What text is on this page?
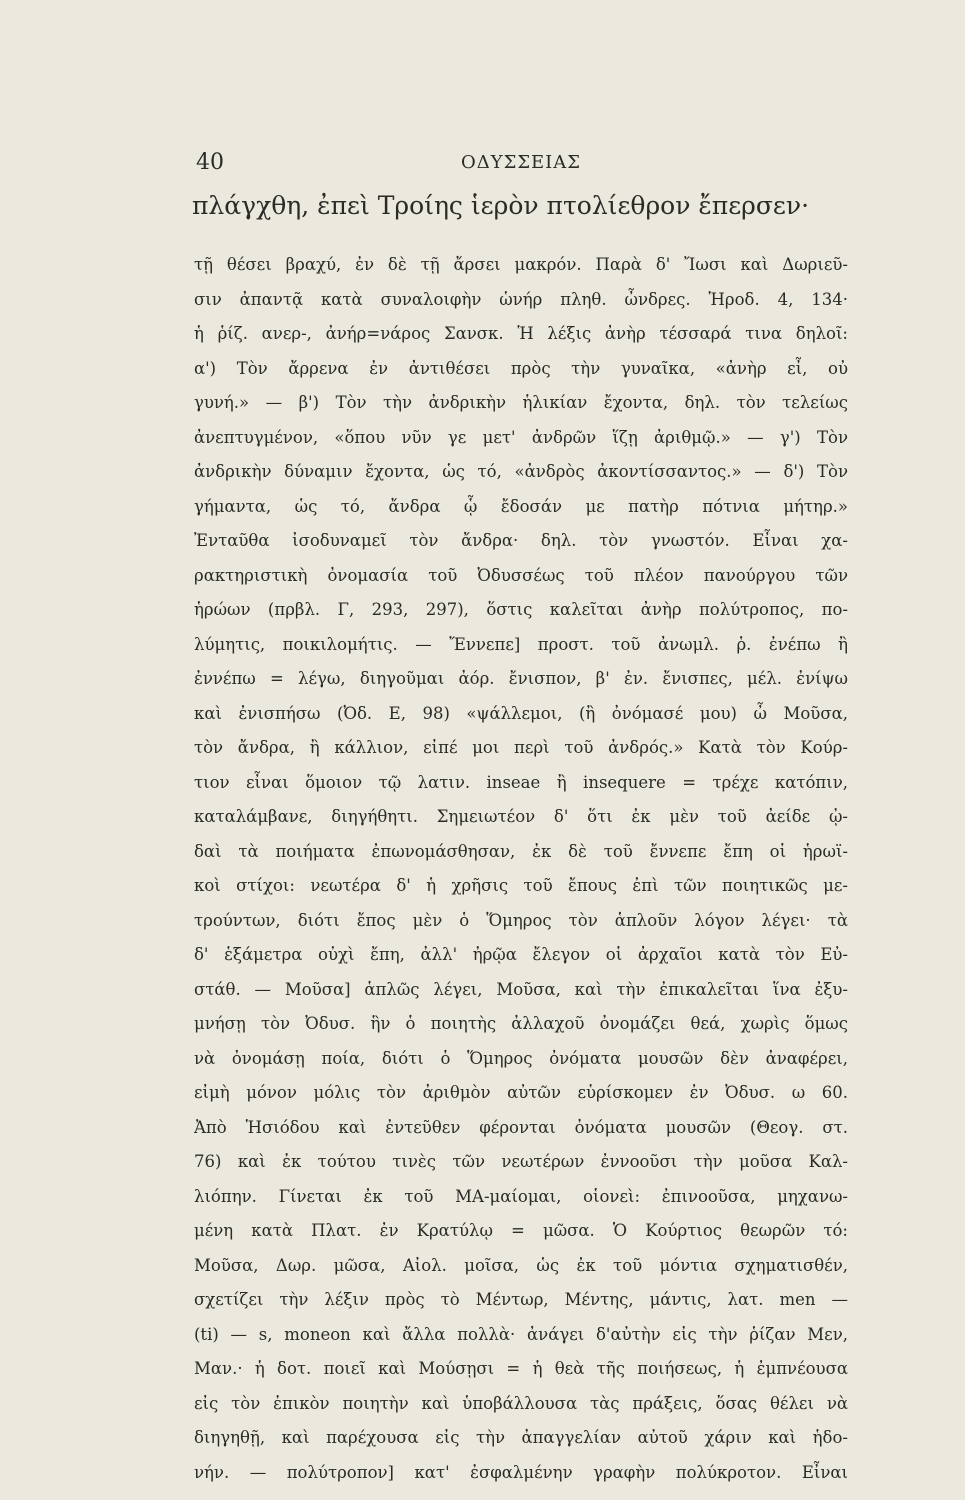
40	ΟΔΥΣΣΕΙΑΣ
πλάγχθη, ἐπεὶ Τροίης ἱερὸν πτολίεθρον ἔπερσεν·
τῇ θέσει βραχύ, ἐν δὲ τῇ ἄρσει μακρόν. Παρὰ δ' Ἴωσι καὶ Δωριεῦ-
σιν ἀπαντᾷ κατὰ συναλοιφὴν ὡνήρ πληθ. ὦνδρες. Ἡροδ. 4, 134·
ἡ ῥίζ. ανερ-, ἀνήρ=νάρος Σανσκ. Ἡ λέξις ἀνὴρ τέσσαρά τινα δηλοῖ:
α') Τὸν ἄρρενα ἐν ἀντιθέσει πρὸς τὴν γυναῖκα, «ἀνὴρ εἶ, οὐ
γυνή.» — β') Τὸν τὴν ἀνδρικὴν ἡλικίαν ἔχοντα, δηλ. τὸν τελείως
ἀνεπτυγμένον, «ὅπου νῦν γε μετ' ἀνδρῶν ἵζῃ ἀριθμῷ.» — γ') Τὸν
ἀνδρικὴν δύναμιν ἔχοντα, ὡς τό, «ἀνδρὸς ἀκοντίσσαντος.» — δ') Τὸν
γήμαντα, ὡς τό, ἄνδρα ᾧ ἔδοσάν με πατὴρ πότνια μήτηρ.»
Ἐνταῦθα ἰσοδυναμεῖ τὸν ἄνδρα· δηλ. τὸν γνωστόν. Εἶναι χα-
ρακτηριστικὴ ὀνομασία τοῦ Ὀδυσσέως τοῦ πλέον πανούργου τῶν
ἡρώων (πρβλ. Γ, 293, 297), ὅστις καλεῖται ἀνὴρ πολύτροπος, πο-
λύμητις, ποικιλομήτις. — Ἔννεπε] προστ. τοῦ ἀνωμλ. ῥ. ἐνέπω ἢ
ἐννέπω = λέγω, διηγοῦμαι ἀόρ. ἔνισπον, β' ἐν. ἔνισπες, μέλ. ἐνίψω
καὶ ἐνισπήσω (Ὀδ. Ε, 98) «ψάλλεμοι, (ἢ ὀνόμασέ μου) ὦ Μοῦσα,
τὸν ἄνδρα, ἢ κάλλιον, εἰπέ μοι περὶ τοῦ ἀνδρός.» Κατὰ τὸν Κούρ-
τιον εἶναι ὅμοιον τῷ λατιν. inseae ἢ insequere = τρέχε κατόπιν,
καταλάμβανε, διηγήθητι. Σημειωτέον δ' ὅτι ἐκ μὲν τοῦ ἀείδε ᾠ-
δαὶ τὰ ποιήματα ἐπωνομάσθησαν, ἐκ δὲ τοῦ ἔννεπε ἔπη οἱ ἡρωϊ-
κοὶ στίχοι: νεωτέρα δ' ἡ χρῆσις τοῦ ἔπους ἐπὶ τῶν ποιητικῶς με-
τρούντων, διότι ἔπος μὲν ὁ Ὅμηρος τὸν ἁπλοῦν λόγον λέγει· τὰ
δ' ἑξάμετρα οὐχὶ ἔπη, ἀλλ' ἠρῷα ἔλεγον οἱ ἀρχαῖοι κατὰ τὸν Εὐ-
στάθ. — Μοῦσα] ἁπλῶς λέγει, Μοῦσα, καὶ τὴν ἐπικαλεῖται ἵνα ἐξυ-
μνήσῃ τὸν Ὀδυσ. ἣν ὁ ποιητὴς ἀλλαχοῦ ὀνομάζει θεά, χωρὶς ὅμως
νὰ ὀνομάσῃ ποία, διότι ὁ Ὅμηρος ὀνόματα μουσῶν δὲν ἀναφέρει,
εἰμὴ μόνον μόλις τὸν ἀριθμὸν αὐτῶν εὑρίσκομεν ἐν Ὀδυσ. ω 60.
Ἀπὸ Ἡσιόδου καὶ ἐντεῦθεν φέρονται ὀνόματα μουσῶν (Θεογ. στ.
76) καὶ ἐκ τούτου τινὲς τῶν νεωτέρων ἐννοοῦσι τὴν μοῦσα Καλ-
λιόπην. Γίνεται ἐκ τοῦ ΜΑ-μαίομαι, οἱονεὶ: ἐπινοοῦσα, μηχανω-
μένη κατὰ Πλατ. ἐν Κρατύλῳ = μῶσα. Ὁ Κούρτιος θεωρῶν τό:
Μοῦσα, Δωρ. μῶσα, Αἰολ. μοῖσα, ὡς ἐκ τοῦ μόντια σχηματισθέν,
σχετίζει τὴν λέξιν πρὸς τὸ Μέντωρ, Μέντης, μάντις, λατ. men —
(ti) — s, moneon καὶ ἄλλα πολλὰ· ἀνάγει δ'αὐτὴν εἰς τὴν ῥίζαν Μεν,
Μαν.· ἡ δοτ. ποιεῖ καὶ Μούσῃσι = ἡ θεὰ τῆς ποιήσεως, ἡ ἐμπνέουσα
εἰς τὸν ἐπικὸν ποιητὴν καὶ ὑποβάλλουσα τὰς πράξεις, ὅσας θέλει νὰ
διηγηθῇ, καὶ παρέχουσα εἰς τὴν ἀπαγγελίαν αὐτοῦ χάριν καὶ ἡδο-
νήν. — πολύτροπον] κατ' ἐσφαλμένην γραφὴν πολύκροτον. Εἶναι
